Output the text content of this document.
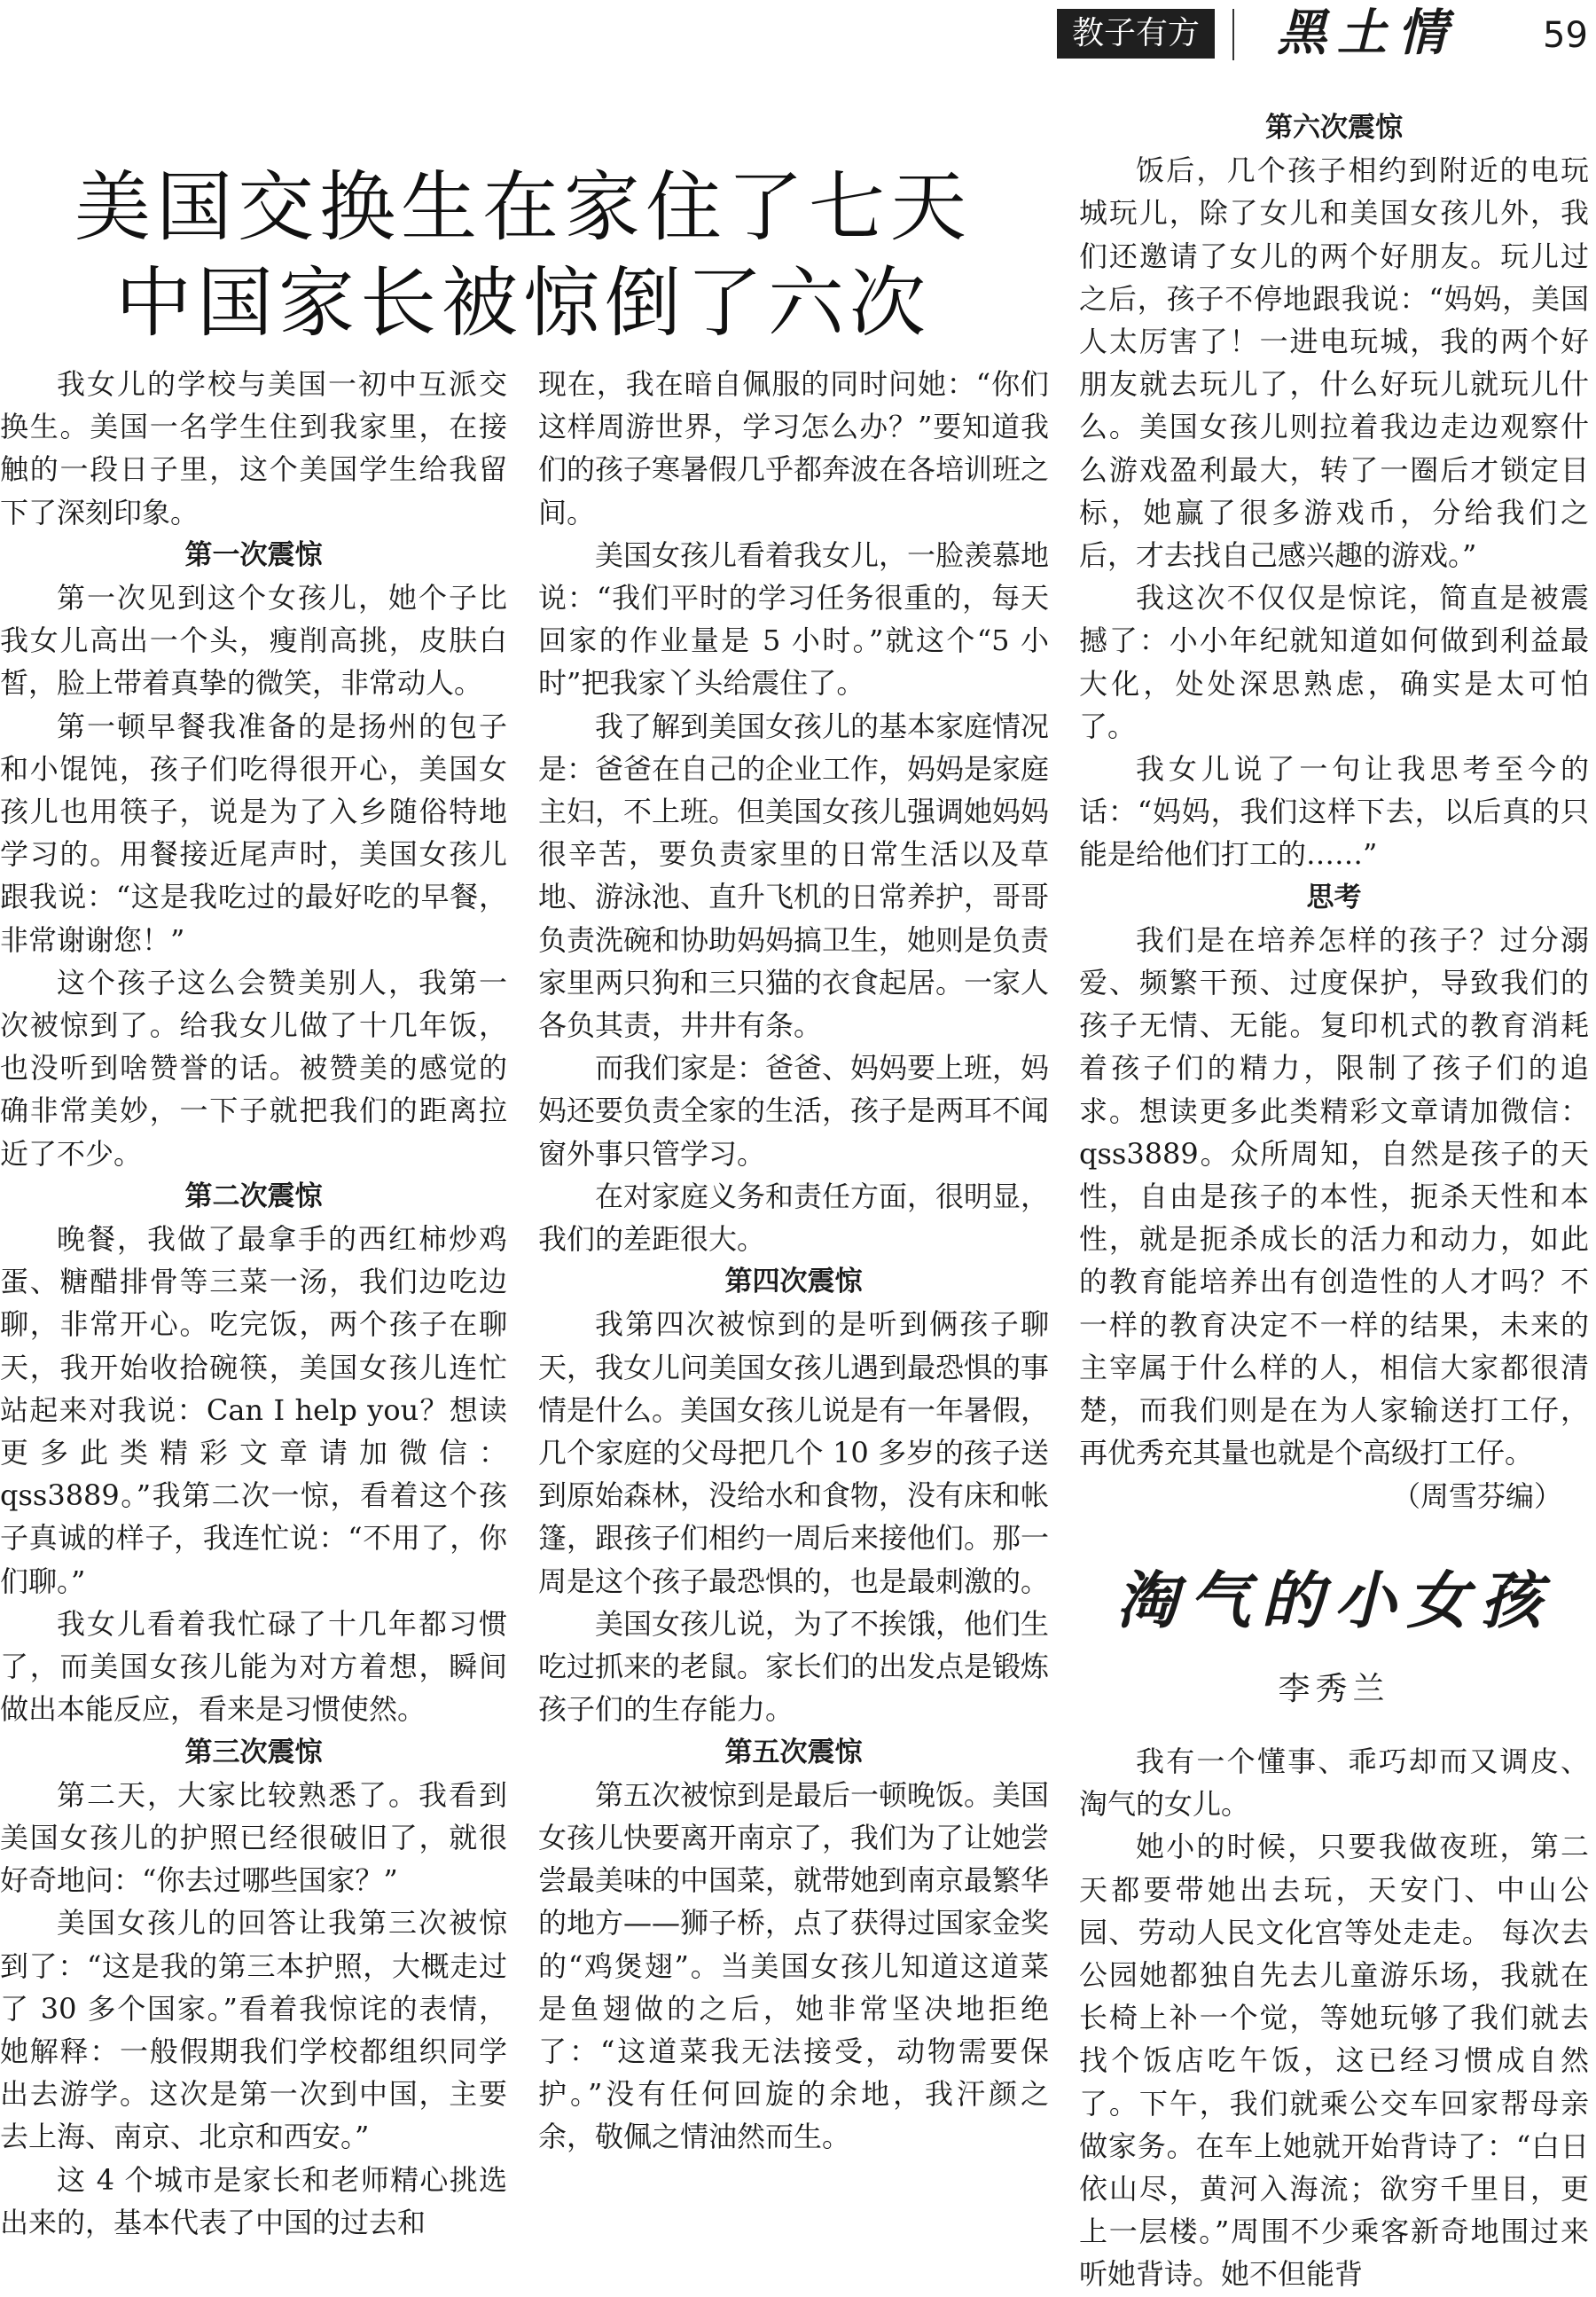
教子有方	黑土情 59
美国交换生在家住了七天
中国家长被惊倒了六次

我女儿的学校与美国一初中互派交换生。美国一名学生住到我家里，在接触的一段日子里，这个美国学生给我留下了深刻印象。

第一次震惊

第一次见到这个女孩儿，她个子比我女儿高出一个头，瘦削高挑，皮肤白皙，脸上带着真挚的微笑，非常动人。

第一顿早餐我准备的是扬州的包子和小馄饨，孩子们吃得很开心，美国女孩儿也用筷子，说是为了入乡随俗特地学习的。用餐接近尾声时，美国女孩儿跟我说：“这是我吃过的最好吃的早餐，非常谢谢您！”

这个孩子这么会赞美别人，我第一次被惊到了。给我女儿做了十几年饭，也没听到啥赞誉的话。被赞美的感觉的确非常美妙，一下子就把我们的距离拉近了不少。

第二次震惊

晚餐，我做了最拿手的西红柿炒鸡蛋、糖醋排骨等三菜一汤，我们边吃边聊，非常开心。吃完饭，两个孩子在聊天，我开始收拾碗筷，美国女孩儿连忙站起来对我说：Can I help you？想读更多此类精彩文章请加微信：qss3889。”我第二次一惊，看着这个孩子真诚的样子，我连忙说：“不用了，你们聊。”

我女儿看着我忙碌了十几年都习惯了，而美国女孩儿能为对方着想，瞬间做出本能反应，看来是习惯使然。

第三次震惊

第二天，大家比较熟悉了。我看到美国女孩儿的护照已经很破旧了，就很好奇地问：“你去过哪些国家？”

美国女孩儿的回答让我第三次被惊到了：“这是我的第三本护照，大概走过了 30 多个国家。”看着我惊诧的表情，她解释：一般假期我们学校都组织同学出去游学。这次是第一次到中国，主要去上海、南京、北京和西安。”

这 4 个城市是家长和老师精心挑选出来的，基本代表了中国的过去和

现在，我在暗自佩服的同时问她：“你们这样周游世界，学习怎么办？”要知道我们的孩子寒暑假几乎都奔波在各培训班之间。

美国女孩儿看着我女儿，一脸羡慕地说：“我们平时的学习任务很重的，每天回家的作业量是 5 小时。”就这个“5 小时”把我家丫头给震住了。

我了解到美国女孩儿的基本家庭情况是：爸爸在自己的企业工作，妈妈是家庭主妇，不上班。但美国女孩儿强调她妈妈很辛苦，要负责家里的日常生活以及草地、游泳池、直升飞机的日常养护，哥哥负责洗碗和协助妈妈搞卫生，她则是负责家里两只狗和三只猫的衣食起居。一家人各负其责，井井有条。

而我们家是：爸爸、妈妈要上班，妈妈还要负责全家的生活，孩子是两耳不闻窗外事只管学习。

在对家庭义务和责任方面，很明显，我们的差距很大。

第四次震惊

我第四次被惊到的是听到俩孩子聊天，我女儿问美国女孩儿遇到最恐惧的事情是什么。美国女孩儿说是有一年暑假，几个家庭的父母把几个 10 多岁的孩子送到原始森林，没给水和食物，没有床和帐篷，跟孩子们相约一周后来接他们。那一周是这个孩子最恐惧的，也是最刺激的。

美国女孩儿说，为了不挨饿，他们生吃过抓来的老鼠。家长们的出发点是锻炼孩子们的生存能力。

第五次震惊

第五次被惊到是最后一顿晚饭。美国女孩儿快要离开南京了，我们为了让她尝尝最美味的中国菜，就带她到南京最繁华的地方——狮子桥，点了获得过国家金奖的“鸡煲翅”。当美国女孩儿知道这道菜是鱼翅做的之后，她非常坚决地拒绝了：“这道菜我无法接受，动物需要保护。”没有任何回旋的余地，我汗颜之余，敬佩之情油然而生。

第六次震惊

饭后，几个孩子相约到附近的电玩城玩儿，除了女儿和美国女孩儿外，我们还邀请了女儿的两个好朋友。玩儿过之后，孩子不停地跟我说：“妈妈，美国人太厉害了！一进电玩城，我的两个好朋友就去玩儿了，什么好玩儿就玩儿什么。美国女孩儿则拉着我边走边观察什么游戏盈利最大，转了一圈后才锁定目标，她赢了很多游戏币，分给我们之后，才去找自己感兴趣的游戏。”

我这次不仅仅是惊诧，简直是被震撼了：小小年纪就知道如何做到利益最大化，处处深思熟虑，确实是太可怕了。

我女儿说了一句让我思考至今的话：“妈妈，我们这样下去，以后真的只能是给他们打工的……”

思考

我们是在培养怎样的孩子？过分溺爱、频繁干预、过度保护，导致我们的孩子无情、无能。复印机式的教育消耗着孩子们的精力，限制了孩子们的追求。想读更多此类精彩文章请加微信：qss3889。众所周知，自然是孩子的天性，自由是孩子的本性，扼杀天性和本性，就是扼杀成长的活力和动力，如此的教育能培养出有创造性的人才吗？不一样的教育决定不一样的结果，未来的主宰属于什么样的人，相信大家都很清楚，而我们则是在为人家输送打工仔，再优秀充其量也就是个高级打工仔。

（周雪芬编）

淘气的小女孩
李秀兰

我有一个懂事、乖巧却而又调皮、淘气的女儿。

她小的时候，只要我做夜班，第二天都要带她出去玩，天安门、中山公园、劳动人民文化宫等处走走。 每次去公园她都独自先去儿童游乐场，我就在长椅上补一个觉，等她玩够了我们就去找个饭店吃午饭，这已经习惯成自然了。下午，我们就乘公交车回家帮母亲做家务。在车上她就开始背诗了：“白日依山尽，黄河入海流；欲穷千里目，更上一层楼。”周围不少乘客新奇地围过来听她背诗。她不但能背
